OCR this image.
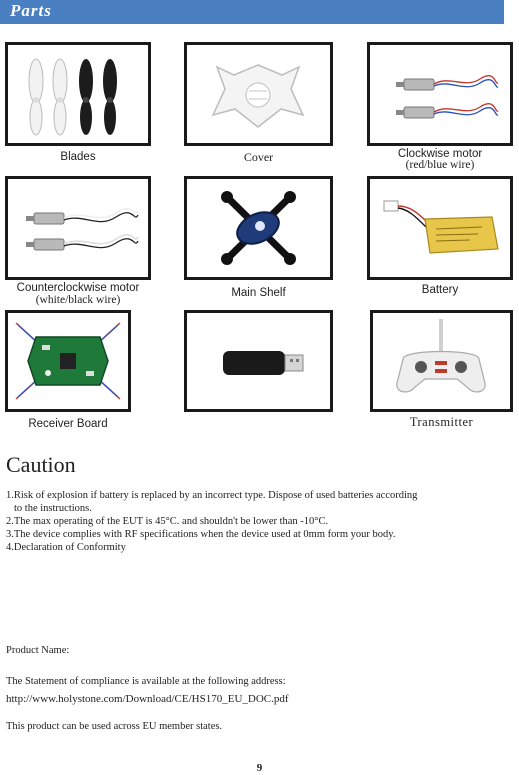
Parts
Blades	Cover	Clockwise motor
(red/blue wire)
Counterclockwise motor
(white/black wire)
Main Shelf	Battery
Receiver Board	Transmitter
Caution
1.Risk of explosion if battery is replaced by an incorrect type. Dispose of used batteries according
to the instructions.
2.The max operating of the EUT is 45°C. and shouldn't be lower than -10°C.
3.The device complies with RF specifications when the device used at 0mm form your body.
4.Declaration of Conformity
Product Name:
The Statement of compliance is available at the following address:
http://www.holystone.com/Download/CE/HS170_EU_DOC.pdf
This product can be used across EU member states.
9
